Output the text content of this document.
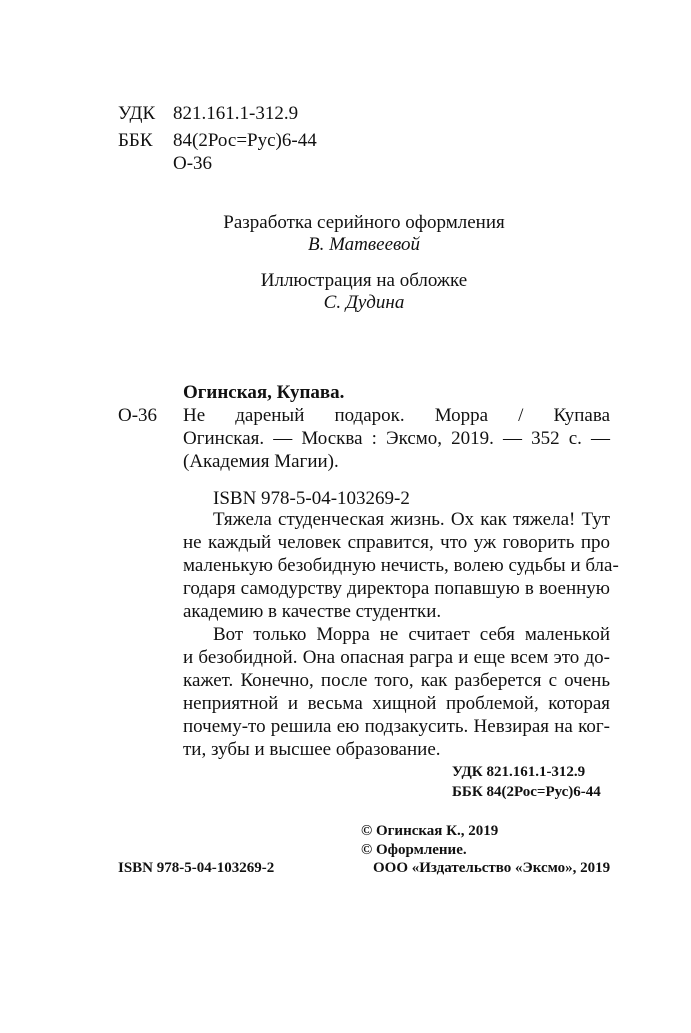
УДК 821.161.1-312.9
ББК 84(2Рос=Рус)6-44
О-36
Разработка серийного оформления
В. Матвеевой
Иллюстрация на обложке
С. Дудина
Огинская, Купава.
О-36 Не дареный подарок. Морра / Купава
Огинская. — Москва : Эксмо, 2019. — 352 с. —
(Академия Магии).
ISBN 978-5-04-103269-2
Тяжела студенческая жизнь. Ох как тяжела! Тут
не каждый человек справится, что уж говорить про
маленькую безобидную нечисть, волею судьбы и бла-
годаря самодурству директора попавшую в военную
академию в качестве студентки.
Вот только Морра не считает себя маленькой
и безобидной. Она опасная рагра и еще всем это до-
кажет. Конечно, после того, как разберется с очень
неприятной и весьма хищной проблемой, которая
почему-то решила ею подзакусить. Невзирая на ког-
ти, зубы и высшее образование.
УДК 821.161.1-312.9
ББК 84(2Рос=Рус)6-44
© Огинская К., 2019
© Оформление.
ISBN 978-5-04-103269-2	ООО «Издательство «Эксмо», 2019
